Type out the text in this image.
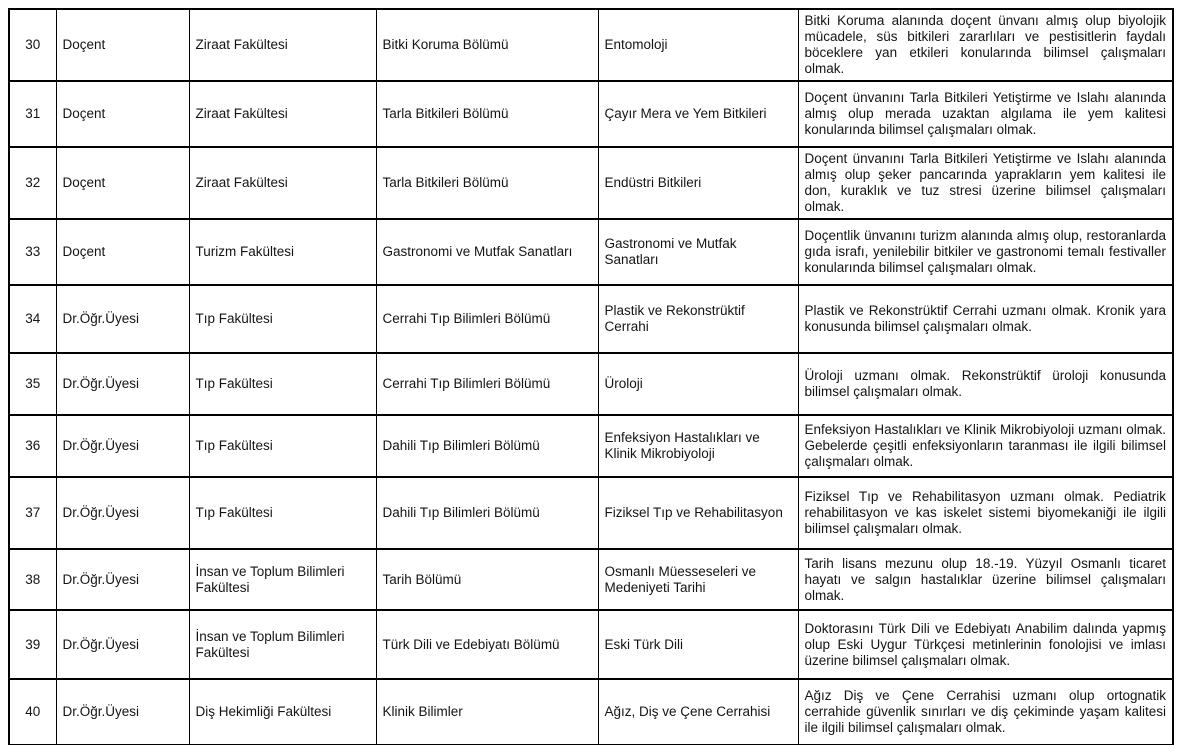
30	Doçent	Ziraat Fakültesi	Bitki Koruma Bölümü	Entomoloji	Bitki Koruma alanında doçent ünvanı almış olup biyolojik mücadele, süs bitkileri zararlıları ve pestisitlerin faydalı böceklere yan etkileri konularında bilimsel çalışmaları olmak.
31	Doçent	Ziraat Fakültesi	Tarla Bitkileri Bölümü	Çayır Mera ve Yem Bitkileri	Doçent ünvanını Tarla Bitkileri Yetiştirme ve Islahı alanında almış olup merada uzaktan algılama ile yem kalitesi konularında bilimsel çalışmaları olmak.
32	Doçent	Ziraat Fakültesi	Tarla Bitkileri Bölümü	Endüstri Bitkileri	Doçent ünvanını Tarla Bitkileri Yetiştirme ve Islahı alanında almış olup şeker pancarında yaprakların yem kalitesi ile don, kuraklık ve tuz stresi üzerine bilimsel çalışmaları olmak.
33	Doçent	Turizm Fakültesi	Gastronomi ve Mutfak Sanatları	Gastronomi ve Mutfak Sanatları	Doçentlik ünvanını turizm alanında almış olup, restoranlarda gıda israfı, yenilebilir bitkiler ve gastronomi temalı festivaller konularında bilimsel çalışmaları olmak.
34	Dr.Öğr.Üyesi	Tıp Fakültesi	Cerrahi Tıp Bilimleri Bölümü	Plastik ve Rekonstrüktif Cerrahi	Plastik ve Rekonstrüktif Cerrahi uzmanı olmak. Kronik yara konusunda bilimsel çalışmaları olmak.
35	Dr.Öğr.Üyesi	Tıp Fakültesi	Cerrahi Tıp Bilimleri Bölümü	Üroloji	Üroloji uzmanı olmak. Rekonstrüktif üroloji konusunda bilimsel çalışmaları olmak.
36	Dr.Öğr.Üyesi	Tıp Fakültesi	Dahili Tıp Bilimleri Bölümü	Enfeksiyon Hastalıkları ve Klinik Mikrobiyoloji	Enfeksiyon Hastalıkları ve Klinik Mikrobiyoloji uzmanı olmak. Gebelerde çeşitli enfeksiyonların taranması ile ilgili bilimsel çalışmaları olmak.
37	Dr.Öğr.Üyesi	Tıp Fakültesi	Dahili Tıp Bilimleri Bölümü	Fiziksel Tıp ve Rehabilitasyon	Fiziksel Tıp ve Rehabilitasyon uzmanı olmak. Pediatrik rehabilitasyon ve kas iskelet sistemi biyomekaniği ile ilgili bilimsel çalışmaları olmak.
38	Dr.Öğr.Üyesi	İnsan ve Toplum Bilimleri Fakültesi	Tarih Bölümü	Osmanlı Müesseseleri ve Medeniyeti Tarihi	Tarih lisans mezunu olup 18.-19. Yüzyıl Osmanlı ticaret hayatı ve salgın hastalıklar üzerine bilimsel çalışmaları olmak.
39	Dr.Öğr.Üyesi	İnsan ve Toplum Bilimleri Fakültesi	Türk Dili ve Edebiyatı Bölümü	Eski Türk Dili	Doktorasını Türk Dili ve Edebiyatı Anabilim dalında yapmış olup Eski Uygur Türkçesi metinlerinin fonolojisi ve imlası üzerine bilimsel çalışmaları olmak.
40	Dr.Öğr.Üyesi	Diş Hekimliği Fakültesi	Klinik Bilimler	Ağız, Diş ve Çene Cerrahisi	Ağız Diş ve Çene Cerrahisi uzmanı olup ortognatik cerrahide güvenlik sınırları ve diş çekiminde yaşam kalitesi ile ilgili bilimsel çalışmaları olmak.
